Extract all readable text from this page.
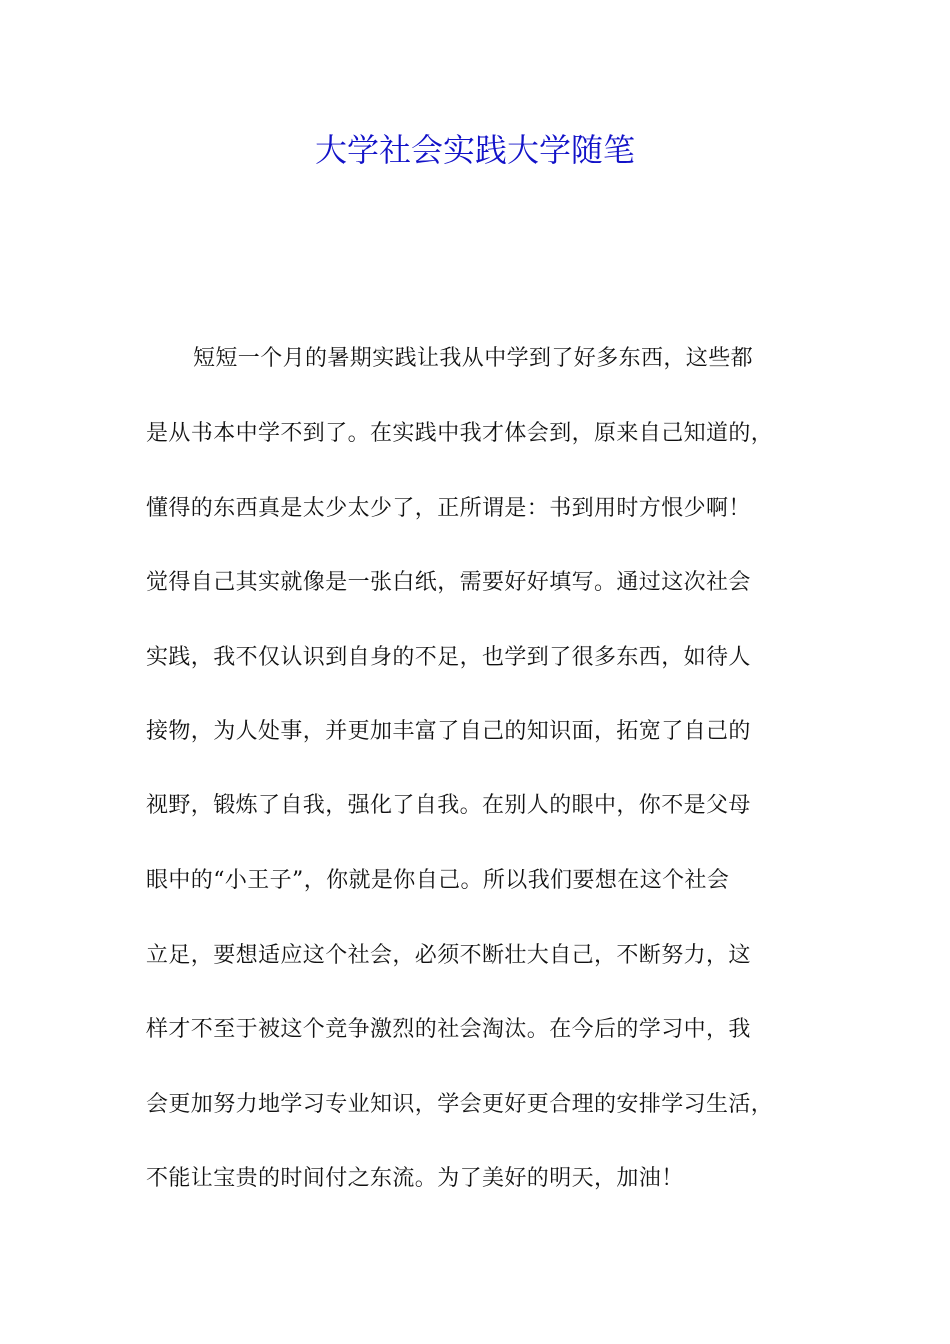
大学社会实践大学随笔
短短一个月的暑期实践让我从中学到了好多东西，这些都
是从书本中学不到了。在实践中我才体会到，原来自己知道的，
懂得的东西真是太少太少了，正所谓是：书到用时方恨少啊！
觉得自己其实就像是一张白纸，需要好好填写。通过这次社会
实践，我不仅认识到自身的不足，也学到了很多东西，如待人
接物，为人处事，并更加丰富了自己的知识面，拓宽了自己的
视野，锻炼了自我，强化了自我。在别人的眼中，你不是父母
眼中的“小王子”，你就是你自己。所以我们要想在这个社会
立足，要想适应这个社会，必须不断壮大自己，不断努力，这
样才不至于被这个竞争激烈的社会淘汰。在今后的学习中，我
会更加努力地学习专业知识，学会更好更合理的安排学习生活，
不能让宝贵的时间付之东流。为了美好的明天，加油！
